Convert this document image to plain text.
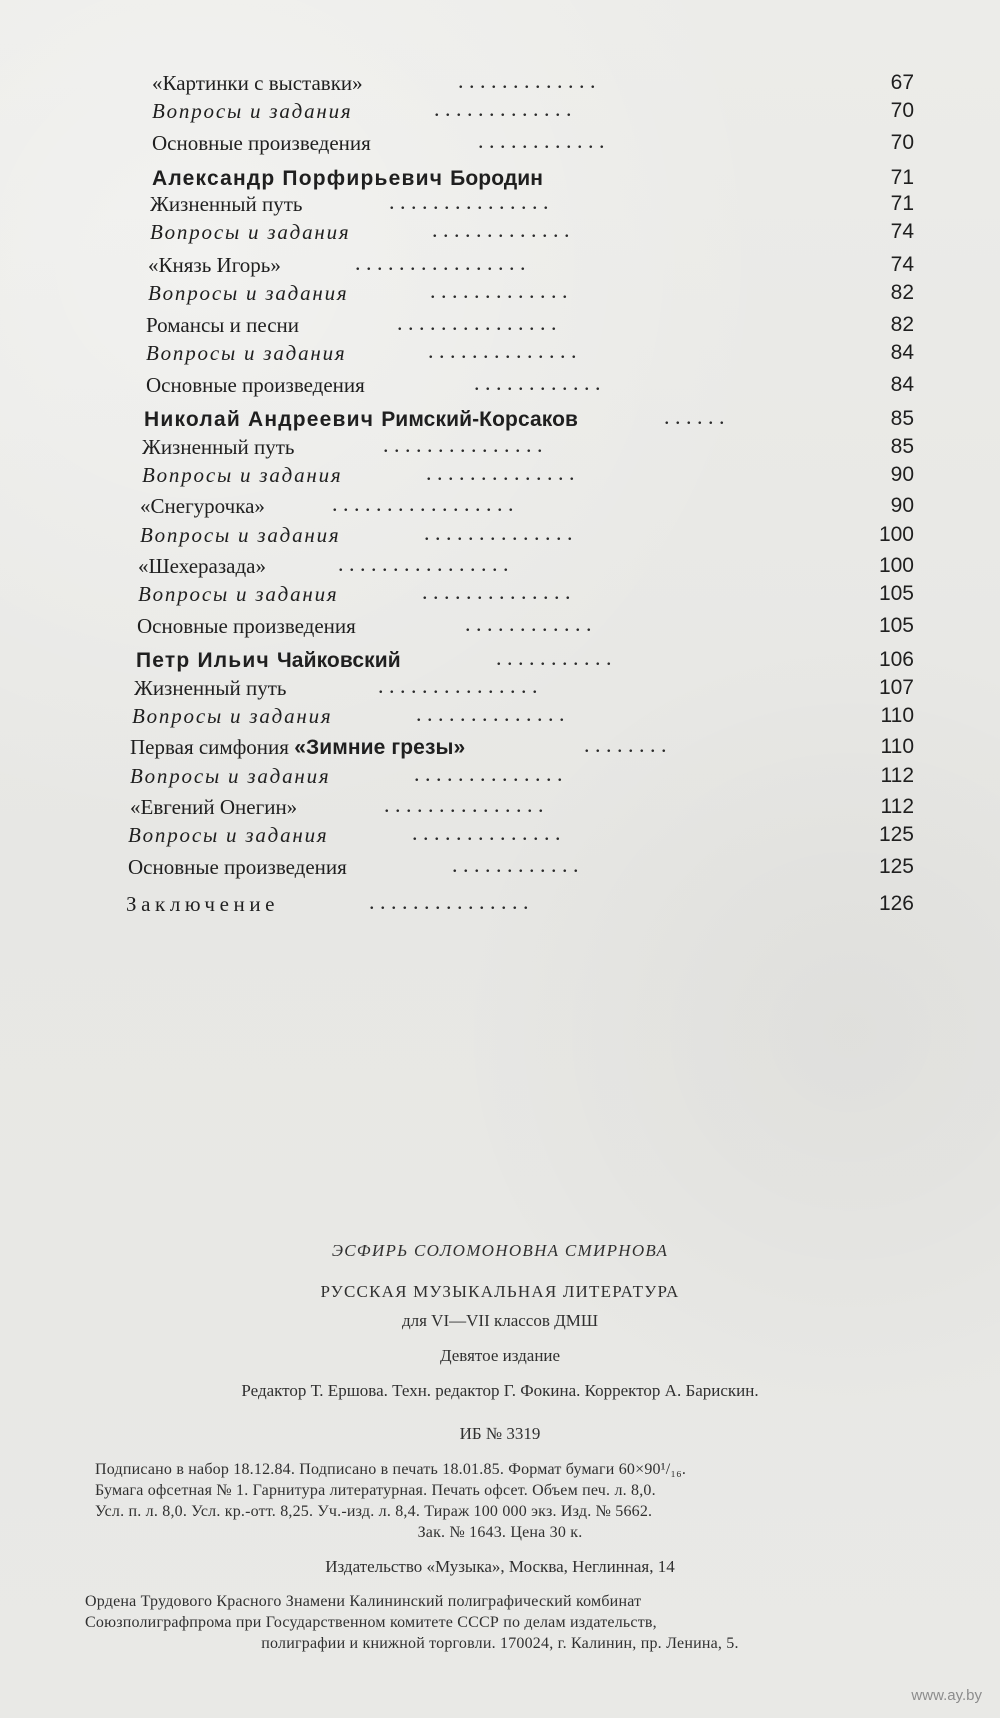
«Картинки с выставки»	. . . . . . . . . . . . .	67
Вопросы и задания	. . . . . . . . . . . . .	70
Основные произведения	. . . . . . . . . . . .	70
Александр Порфирьевич Бородин	71
Жизненный путь	. . . . . . . . . . . . . . .	71
Вопросы и задания	. . . . . . . . . . . . .	74
«Князь Игорь»	. . . . . . . . . . . . . . . .	74
Вопросы и задания	. . . . . . . . . . . . .	82
Романсы и песни	. . . . . . . . . . . . . . .	82
Вопросы и задания	. . . . . . . . . . . . . .	84
Основные произведения	. . . . . . . . . . . .	84
Николай Андреевич Римский-Корсаков	. . . . . .	85
Жизненный путь	. . . . . . . . . . . . . . .	85
Вопросы и задания	. . . . . . . . . . . . . .	90
«Снегурочка»	. . . . . . . . . . . . . . . . .	90
Вопросы и задания	. . . . . . . . . . . . . .	100
«Шехеразада»	. . . . . . . . . . . . . . . .	100
Вопросы и задания	. . . . . . . . . . . . . .	105
Основные произведения	. . . . . . . . . . . .	105
Петр Ильич Чайковский	. . . . . . . . . . .	106
Жизненный путь	. . . . . . . . . . . . . . .	107
Вопросы и задания	. . . . . . . . . . . . . .	110
Первая симфония «Зимние грезы»	. . . . . . . .	110
Вопросы и задания	. . . . . . . . . . . . . .	112
«Евгений Онегин»	. . . . . . . . . . . . . . .	112
Вопросы и задания	. . . . . . . . . . . . . .	125
Основные произведения	. . . . . . . . . . . .	125
Заключение	. . . . . . . . . . . . . . .	126
ЭСФИРЬ СОЛОМОНОВНА СМИРНОВА
РУССКАЯ МУЗЫКАЛЬНАЯ ЛИТЕРАТУРА
для VI—VII классов ДМШ
Девятое издание
Редактор Т. Ершова. Техн. редактор Г. Фокина. Корректор А. Барискин.
ИБ № 3319
Подписано в набор 18.12.84. Подписано в печать 18.01.85. Формат бумаги 60×90¹/₁₆.
Бумага офсетная № 1. Гарнитура литературная. Печать офсет. Объем печ. л. 8,0.
Усл. п. л. 8,0. Усл. кр.-отт. 8,25. Уч.-изд. л. 8,4. Тираж 100 000 экз. Изд. № 5662.
Зак. № 1643. Цена 30 к.
Издательство «Музыка», Москва, Неглинная, 14
Ордена Трудового Красного Знамени Калининский полиграфический комбинат
Союзполиграфпрома при Государственном комитете СССР по делам издательств,
полиграфии и книжной торговли. 170024, г. Калинин, пр. Ленина, 5.
www.ay.by
